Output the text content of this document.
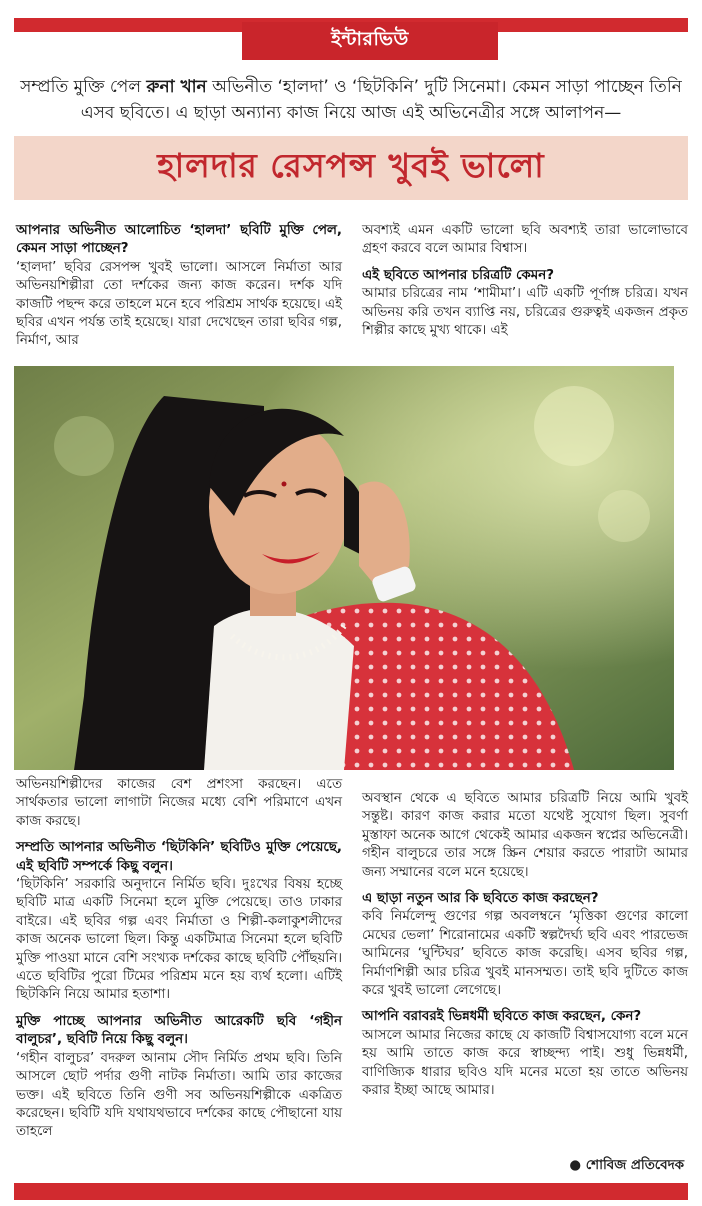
ইন্টারভিউ

সম্প্রতি মুক্তি পেল রুনা খান অভিনীত ‘হালদা’ ও ‘ছিটকিনি’ দুটি সিনেমা। কেমন সাড়া পাচ্ছেন তিনি এসব ছবিতে। এ ছাড়া অন্যান্য কাজ নিয়ে আজ এই অভিনেত্রীর সঙ্গে আলাপন—

হালদার রেসপন্স খুবই ভালো

আপনার অভিনীত আলোচিত ‘হালদা’ ছবিটি মুক্তি পেল, কেমন সাড়া পাচ্ছেন?

‘হালদা’ ছবির রেসপন্স খুবই ভালো। আসলে নির্মাতা আর অভিনয়শিল্পীরা তো দর্শকের জন্য কাজ করেন। দর্শক যদি কাজটি পছন্দ করে তাহলে মনে হবে পরিশ্রম সার্থক হয়েছে। এই ছবির এখন পর্যন্ত তাই হয়েছে। যারা দেখেছেন তারা ছবির গল্প, নির্মাণ, আর

অবশ্যই এমন একটি ভালো ছবি অবশ্যই তারা ভালোভাবে গ্রহণ করবে বলে আমার বিশ্বাস।

এই ছবিতে আপনার চরিত্রটি কেমন?

আমার চরিত্রের নাম ‘শামীমা’। এটি একটি পূর্ণাঙ্গ চরিত্র। যখন অভিনয় করি তখন ব্যাপ্তি নয়, চরিত্রের গুরুত্বই একজন প্রকৃত শিল্পীর কাছে মুখ্য থাকে। এই

অভিনয়শিল্পীদের কাজের বেশ প্রশংসা করছেন। এতে সার্থকতার ভালো লাগাটা নিজের মধ্যে বেশি পরিমাণে এখন কাজ করছে।

সম্প্রতি আপনার অভিনীত ‘ছিটকিনি’ ছবিটিও মুক্তি পেয়েছে, এই ছবিটি সম্পর্কে কিছু বলুন।

‘ছিটকিনি’ সরকারি অনুদানে নির্মিত ছবি। দুঃখের বিষয় হচ্ছে ছবিটি মাত্র একটি সিনেমা হলে মুক্তি পেয়েছে। তাও ঢাকার বাইরে। এই ছবির গল্প এবং নির্মাতা ও শিল্পী-কলাকুশলীদের কাজ অনেক ভালো ছিল। কিন্তু একটিমাত্র সিনেমা হলে ছবিটি মুক্তি পাওয়া মানে বেশি সংখ্যক দর্শকের কাছে ছবিটি পৌঁছয়নি। এতে ছবিটির পুরো টিমের পরিশ্রম মনে হয় ব্যর্থ হলো। এটিই ছিটকিনি নিয়ে আমার হতাশা।

মুক্তি পাচ্ছে আপনার অভিনীত আরেকটি ছবি ‘গহীন বালুচর’, ছবিটি নিয়ে কিছু বলুন।

‘গহীন বালুচর’ বদরুল আনাম সৌদ নির্মিত প্রথম ছবি। তিনি আসলে ছোট পর্দার গুণী নাটক নির্মাতা। আমি তার কাজের ভক্ত। এই ছবিতে তিনি গুণী সব অভিনয়শিল্পীকে একত্রিত করেছেন। ছবিটি যদি যথাযথভাবে দর্শকের কাছে পৌছানো যায় তাহলে

অবস্থান থেকে এ ছবিতে আমার চরিত্রটি নিয়ে আমি খুবই সন্তুষ্ট। কারণ কাজ করার মতো যথেষ্ট সুযোগ ছিল। সুবর্ণা মুস্তাফা অনেক আগে থেকেই আমার একজন স্বপ্নের অভিনেত্রী। গহীন বালুচরে তার সঙ্গে স্ক্রিন শেয়ার করতে পারাটা আমার জন্য সম্মানের বলে মনে হয়েছে।

এ ছাড়া নতুন আর কি ছবিতে কাজ করছেন?

কবি নির্মলেন্দু গুণের গল্প অবলম্বনে ‘মৃত্তিকা গুণের কালো মেঘের ভেলা’ শিরোনামের একটি স্বল্পদৈর্ঘ্য ছবি এবং পারভেজ আমিনের ‘ঘুন্টিঘর’ ছবিতে কাজ করেছি। এসব ছবির গল্প, নির্মাণশিল্পী আর চরিত্র খুবই মানসম্মত। তাই ছবি দুটিতে কাজ করে খুবই ভালো লেগেছে।

আপনি বরাবরই ভিন্নধর্মী ছবিতে কাজ করছেন, কেন?

আসলে আমার নিজের কাছে যে কাজটি বিশ্বাসযোগ্য বলে মনে হয় আমি তাতে কাজ করে স্বাচ্ছন্দ্য পাই। শুধু ভিন্নধর্মী, বাণিজ্যিক ধারার ছবিও যদি মনের মতো হয় তাতে অভিনয় করার ইচ্ছা আছে আমার।

● শোবিজ প্রতিবেদক
